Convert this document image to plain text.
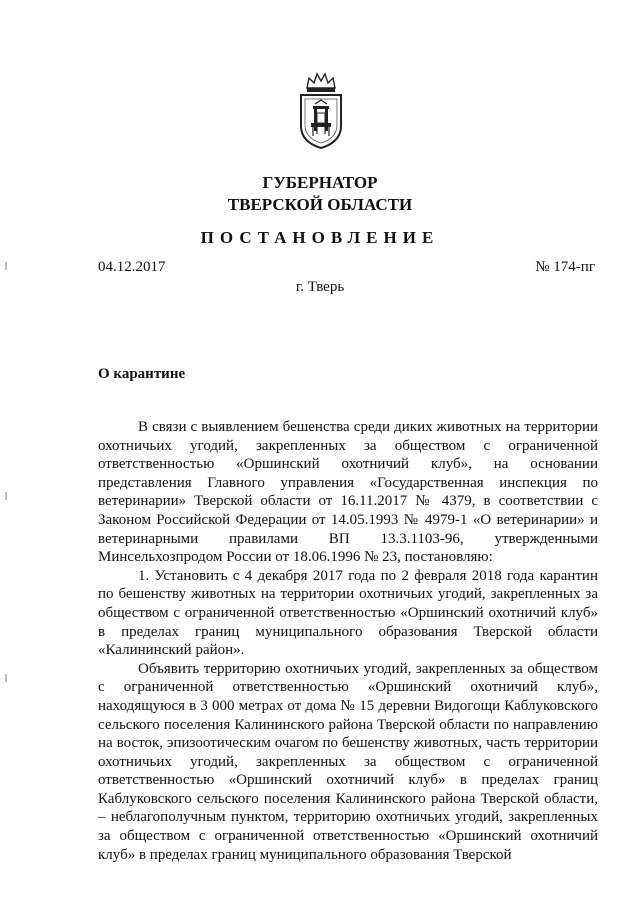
ГУБЕРНАТОР
ТВЕРСКОЙ ОБЛАСТИ
ПОСТАНОВЛЕНИЕ
04.12.2017	№ 174-пг
г. Тверь
О карантине

В связи с выявлением бешенства среди диких животных на территории охотничьих угодий, закрепленных за обществом с ограниченной ответственностью «Оршинский охотничий клуб», на основании представления Главного управления «Государственная инспекция по ветеринарии» Тверской области от 16.11.2017 № 4379, в соответствии с Законом Российской Федерации от 14.05.1993 № 4979-1 «О ветеринарии» и ветеринарными правилами ВП 13.3.1103-96, утвержденными Минсельхозпродом России от 18.06.1996 № 23, постановляю:

1. Установить с 4 декабря 2017 года по 2 февраля 2018 года карантин по бешенству животных на территории охотничьих угодий, закрепленных за обществом с ограниченной ответственностью «Оршинский охотничий клуб» в пределах границ муниципального образования Тверской области «Калининский район».

Объявить территорию охотничьих угодий, закрепленных за обществом с ограниченной ответственностью «Оршинский охотничий клуб», находящуюся в 3 000 метрах от дома № 15 деревни Видогощи Каблуковского сельского поселения Калининского района Тверской области по направлению на восток, эпизоотическим очагом по бешенству животных, часть территории охотничьих угодий, закрепленных за обществом с ограниченной ответственностью «Оршинский охотничий клуб» в пределах границ Каблуковского сельского поселения Калининского района Тверской области, – неблагополучным пунктом, территорию охотничьих угодий, закрепленных за обществом с ограниченной ответственностью «Оршинский охотничий клуб» в пределах границ муниципального образования Тверской
